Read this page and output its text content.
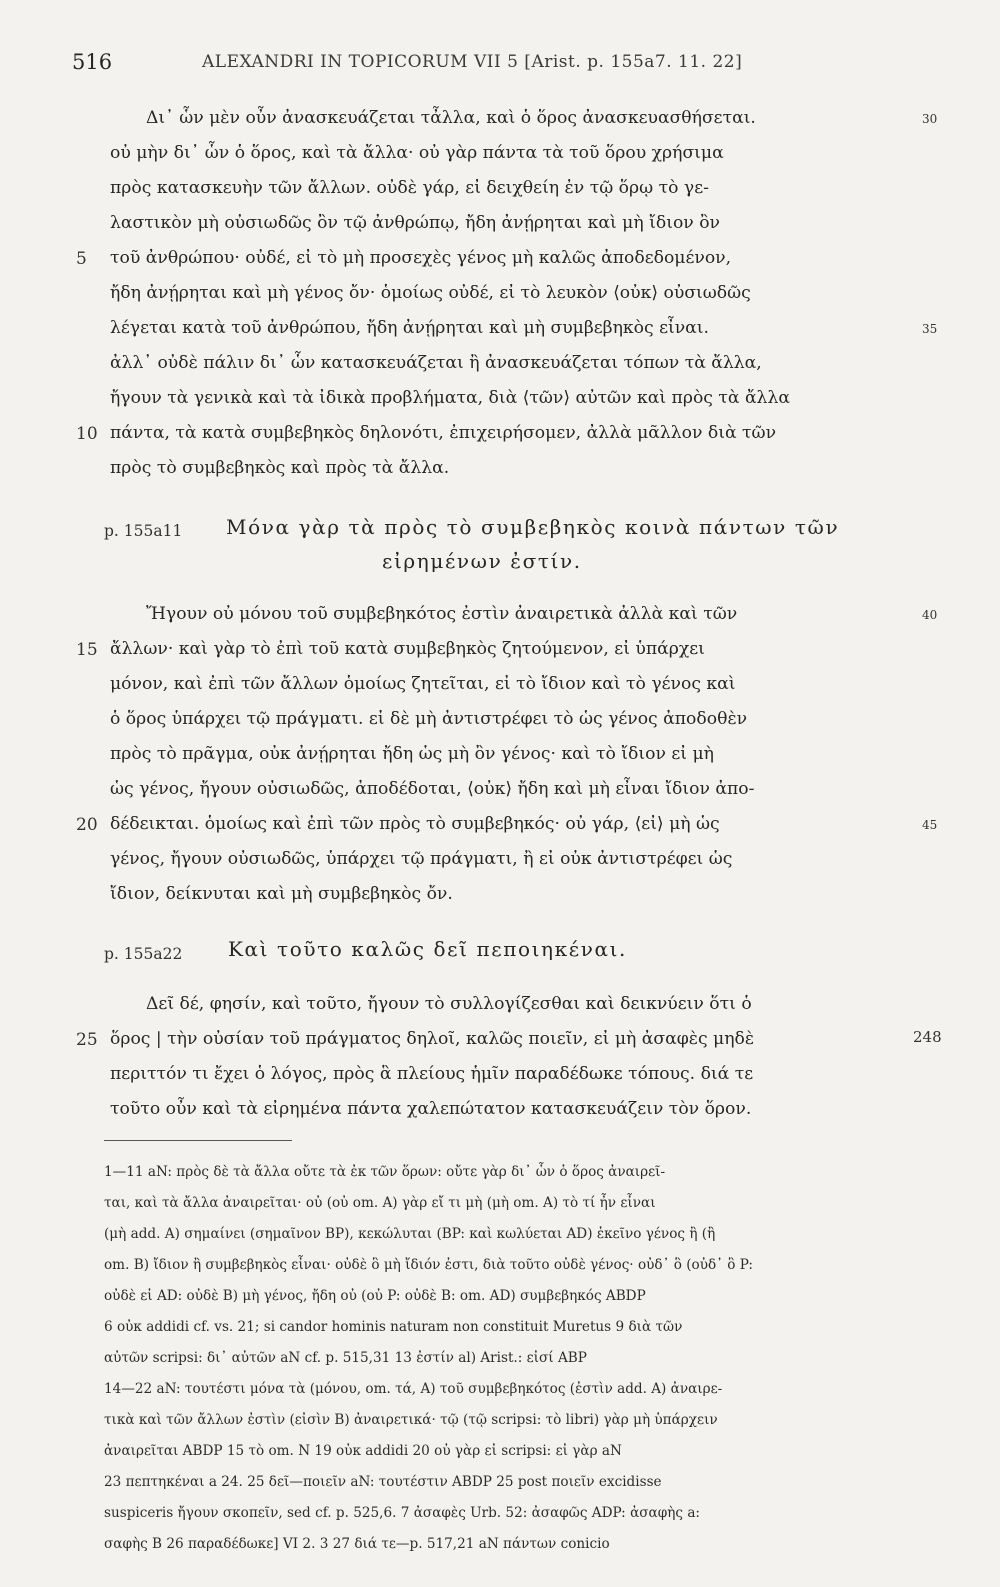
516	ALEXANDRI IN TOPICORUM VII 5 [Arist. p. 155a7. 11. 22]
Δι᾽ ὧν μὲν οὖν ἀνασκευάζεται τἆλλα, καὶ ὁ ὅρος ἀνασκευασθήσεται.
οὐ μὴν δι᾽ ὧν ὁ ὅρος, καὶ τὰ ἄλλα· οὐ γὰρ πάντα τὰ τοῦ ὅρου χρήσιμα
πρὸς κατασκευὴν τῶν ἄλλων. οὐδὲ γάρ, εἰ δειχθείη ἐν τῷ ὅρῳ τὸ γε-
λαστικὸν μὴ οὐσιωδῶς ὂν τῷ ἀνθρώπῳ, ἤδη ἀνῄρηται καὶ μὴ ἴδιον ὂν
τοῦ ἀνθρώπου· οὐδέ, εἰ τὸ μὴ προσεχὲς γένος μὴ καλῶς ἀποδεδομένον,
ἤδη ἀνῄρηται καὶ μὴ γένος ὄν· ὁμοίως οὐδέ, εἰ τὸ λευκὸν ⟨οὐκ⟩ οὐσιωδῶς
λέγεται κατὰ τοῦ ἀνθρώπου, ἤδη ἀνῄρηται καὶ μὴ συμβεβηκὸς εἶναι.
ἀλλ᾽ οὐδὲ πάλιν δι᾽ ὧν κατασκευάζεται ἢ ἀνασκευάζεται τόπων τὰ ἄλλα,
ἤγουν τὰ γενικὰ καὶ τὰ ἰδικὰ προβλήματα, διὰ ⟨τῶν⟩ αὐτῶν καὶ πρὸς τὰ ἄλλα
πάντα, τὰ κατὰ συμβεβηκὸς δηλονότι, ἐπιχειρήσομεν, ἀλλὰ μᾶλλον διὰ τῶν
πρὸς τὸ συμβεβηκὸς καὶ πρὸς τὰ ἄλλα.
p. 155a11 Μόνα γὰρ τὰ πρὸς τὸ συμβεβηκὸς κοινὰ πάντων τῶν
εἰρημένων ἐστίν.
Ἤγουν οὐ μόνου τοῦ συμβεβηκότος ἐστὶν ἀναιρετικὰ ἀλλὰ καὶ τῶν
ἄλλων· καὶ γὰρ τὸ ἐπὶ τοῦ κατὰ συμβεβηκὸς ζητούμενον, εἰ ὑπάρχει
μόνον, καὶ ἐπὶ τῶν ἄλλων ὁμοίως ζητεῖται, εἰ τὸ ἴδιον καὶ τὸ γένος καὶ
ὁ ὅρος ὑπάρχει τῷ πράγματι. εἰ δὲ μὴ ἀντιστρέφει τὸ ὡς γένος ἀποδοθὲν
πρὸς τὸ πρᾶγμα, οὐκ ἀνῄρηται ἤδη ὡς μὴ ὂν γένος· καὶ τὸ ἴδιον εἰ μὴ
ὡς γένος, ἤγουν οὐσιωδῶς, ἀποδέδοται, ⟨οὐκ⟩ ἤδη καὶ μὴ εἶναι ἴδιον ἀπο-
δέδεικται. ὁμοίως καὶ ἐπὶ τῶν πρὸς τὸ συμβεβηκός· οὐ γάρ, ⟨εἰ⟩ μὴ ὡς
γένος, ἤγουν οὐσιωδῶς, ὑπάρχει τῷ πράγματι, ἢ εἰ οὐκ ἀντιστρέφει ὡς
ἴδιον, δείκνυται καὶ μὴ συμβεβηκὸς ὄν.
p. 155a22 Καὶ τοῦτο καλῶς δεῖ πεποιηκέναι.
Δεῖ δέ, φησίν, καὶ τοῦτο, ἤγουν τὸ συλλογίζεσθαι καὶ δεικνύειν ὅτι ὁ
ὅρος | τὴν οὐσίαν τοῦ πράγματος δηλοῖ, καλῶς ποιεῖν, εἰ μὴ ἀσαφὲς μηδὲ
περιττόν τι ἔχει ὁ λόγος, πρὸς ἃ πλείους ἡμῖν παραδέδωκε τόπους. διά τε
τοῦτο οὖν καὶ τὰ εἰρημένα πάντα χαλεπώτατον κατασκευάζειν τὸν ὅρον.
5
10
15
20
25
30
35
40
45
248
1—11 aN: πρὸς δὲ τὰ ἄλλα οὔτε τὰ ἐκ τῶν ὅρων: οὔτε γὰρ δι᾽ ὧν ὁ ὅρος ἀναιρεῖ-
ται, καὶ τὰ ἄλλα ἀναιρεῖται· οὐ (οὐ om. A) γὰρ εἴ τι μὴ (μὴ om. A) τὸ τί ἦν εἶναι
(μὴ add. A) σημαίνει (σημαῖνον BP), κεκώλυται (BP: καὶ κωλύεται AD) ἐκεῖνο γένος ἢ (ἢ
om. B) ἴδιον ἢ συμβεβηκὸς εἶναι· οὐδὲ ὃ μὴ ἴδιόν ἐστι, διὰ τοῦτο οὐδὲ γένος· οὐδ᾽ ὃ (οὐδ᾽ ὃ P:
οὐδὲ εἰ AD: οὐδὲ B) μὴ γένος, ἤδη οὐ (οὐ P: οὐδὲ B: om. AD) συμβεβηκός ABDP
6 οὐκ addidi cf. vs. 21; si candor hominis naturam non constituit Muretus 9 διὰ τῶν
αὐτῶν scripsi: δι᾽ αὐτῶν aN cf. p. 515,31 13 ἐστίν al) Arist.: εἰσί ABP
14—22 aN: τουτέστι μόνα τὰ (μόνου, om. τά, A) τοῦ συμβεβηκότος (ἐστὶν add. A) ἀναιρε-
τικὰ καὶ τῶν ἄλλων ἐστὶν (εἰσὶν B) ἀναιρετικά· τῷ (τῷ scripsi: τὸ libri) γὰρ μὴ ὑπάρχειν
ἀναιρεῖται ABDP 15 τὸ om. N 19 οὐκ addidi 20 οὐ γὰρ εἰ scripsi: εἰ γὰρ aN
23 πεπτηκέναι a 24. 25 δεῖ—ποιεῖν aN: τουτέστιν ABDP 25 post ποιεῖν excidisse
suspiceris ἤγουν σκοπεῖν, sed cf. p. 525,6. 7 ἀσαφὲς Urb. 52: ἀσαφῶς ADP: ἀσαφὴς a:
σαφὴς B 26 παραδέδωκε] VI 2. 3 27 διά τε—p. 517,21 aN πάντων conicio
